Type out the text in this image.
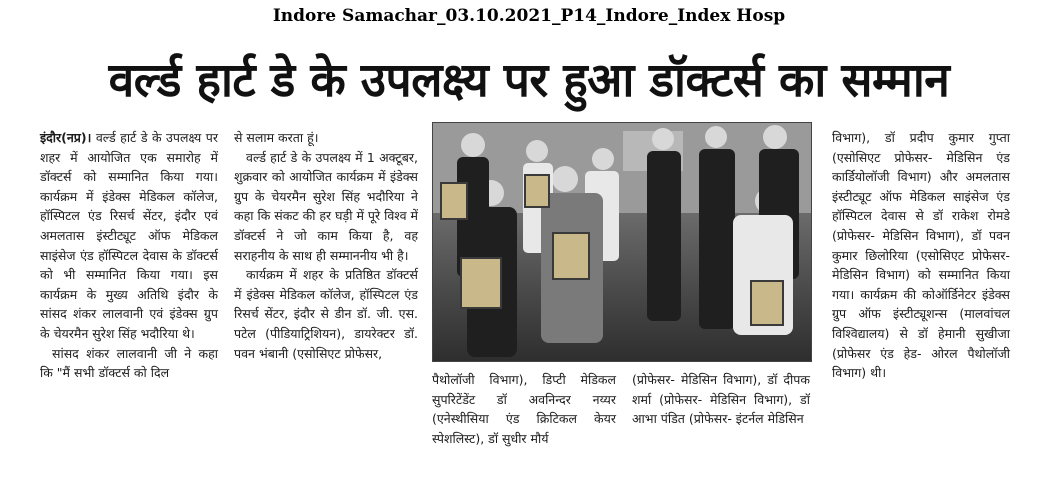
Indore Samachar_03.10.2021_P14_Indore_Index Hosp
वर्ल्ड हार्ट डे के उपलक्ष्य पर हुआ डॉक्टर्स का सम्मान

इंदौर(नप्र)। वर्ल्ड हार्ट डे के उपलक्ष्य पर शहर में आयोजित एक समारोह में डॉक्टर्स को सम्मानित किया गया। कार्यक्रम में इंडेक्स मेडिकल कॉलेज, हॉस्पिटल एंड रिसर्च सेंटर, इंदौर एवं अमलतास इंस्टीट्यूट ऑफ मेडिकल साइंसेज एंड हॉस्पिटल देवास के डॉक्टर्स को भी सम्मानित किया गया। इस कार्यक्रम के मुख्य अतिथि इंदौर के सांसद शंकर लालवानी एवं इंडेक्स ग्रुप के चेयरमैन सुरेश सिंह भदौरिया थे।

सांसद शंकर लालवानी जी ने कहा कि "मैं सभी डॉक्टर्स को दिल

से सलाम करता हूं।

वर्ल्ड हार्ट डे के उपलक्ष्य में 1 अक्टूबर, शुक्रवार को आयोजित कार्यक्रम में इंडेक्स ग्रुप के चेयरमैन सुरेश सिंह भदौरिया ने कहा कि संकट की हर घड़ी में पूरे विश्व में डॉक्टर्स ने जो काम किया है, वह सराहनीय के साथ ही सम्माननीय भी है।

कार्यक्रम में शहर के प्रतिष्ठित डॉक्टर्स में इंडेक्स मेडिकल कॉलेज, हॉस्पिटल एंड रिसर्च सेंटर, इंदौर से डीन डॉ. जी. एस. पटेल (पीडियाट्रिशियन), डायरेक्टर डॉ. पवन भंबानी (एसोसिएट प्रोफेसर,

पैथोलॉजी विभाग), डिप्टी मेडिकल सुपरिटेंडेंट डॉ अवनिन्दर नय्यर (एनेस्थीसिया एंड क्रिटिकल केयर स्पेशलिस्ट), डॉ सुधीर मौर्य

(प्रोफेसर- मेडिसिन विभाग), डॉ दीपक शर्मा (प्रोफेसर- मेडिसिन विभाग), डॉ आभा पंडित (प्रोफेसर- इंटर्नल मेडिसिन

विभाग), डॉ प्रदीप कुमार गुप्ता (एसोसिएट प्रोफेसर- मेडिसिन एंड कार्डियोलॉजी विभाग) और अमलतास इंस्टीट्यूट ऑफ मेडिकल साइंसेज एंड हॉस्पिटल देवास से डॉ राकेश रोमडे (प्रोफेसर- मेडिसिन विभाग), डॉ पवन कुमार छिलोरिया (एसोसिएट प्रोफेसर- मेडिसिन विभाग) को सम्मानित किया गया। कार्यक्रम की कोऑर्डिनेटर इंडेक्स ग्रुप ऑफ इंस्टीट्यूशन्स (मालवांचल विश्विद्यालय) से डॉ हेमानी सुखीजा (प्रोफेसर एंड हेड- ओरल पैथोलॉजी विभाग) थी।
